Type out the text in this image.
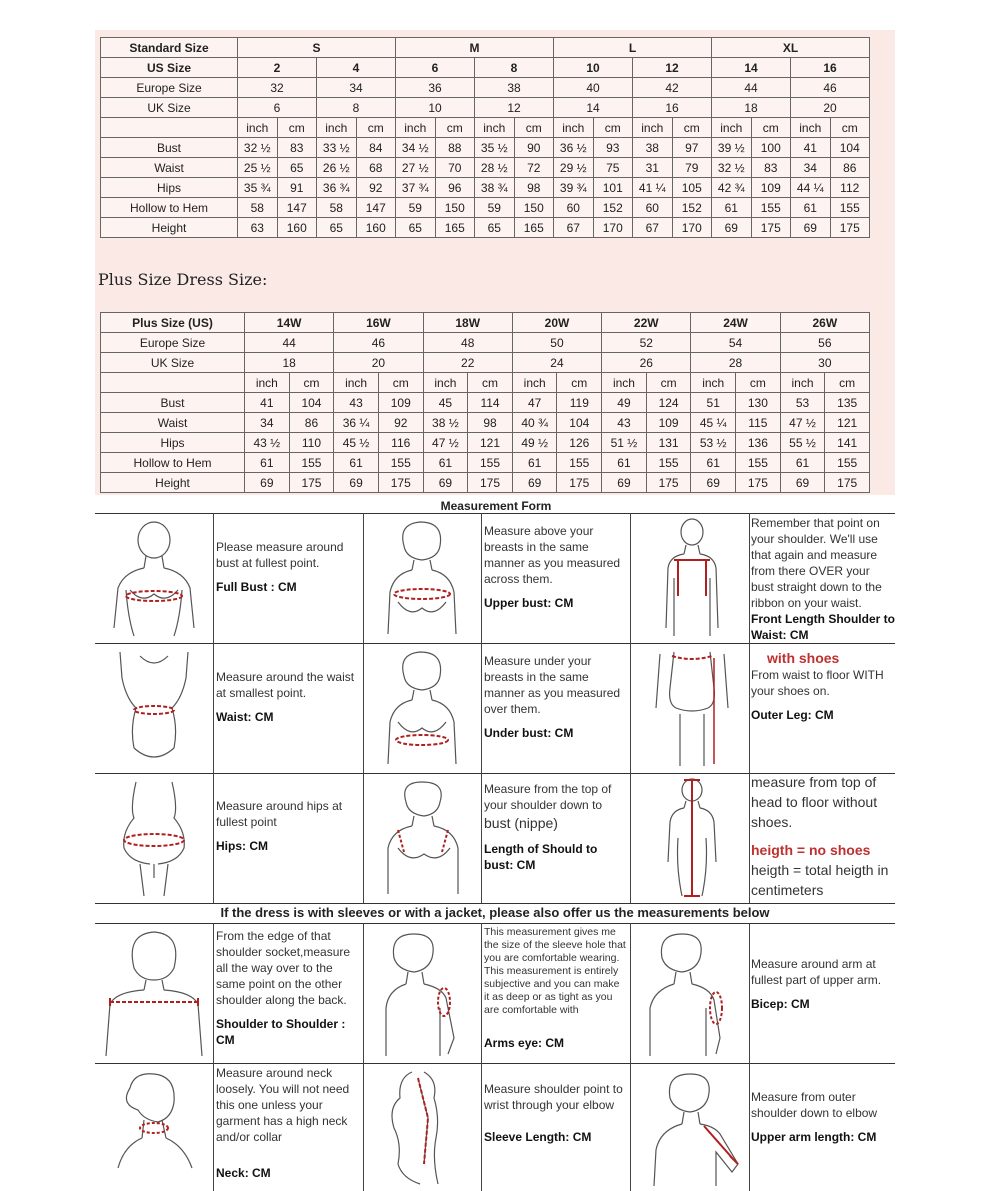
Standard Size	S				M				L				XL			
US Size	2		4		6		8		10		12		14		16	
Europe Size	32		34		36		38		40		42		44		46	
UK Size	6		8		10		12		14		16		18		20	
	inch	cm	inch	cm	inch	cm	inch	cm	inch	cm	inch	cm	inch	cm	inch	cm
Bust	32 ½	83	33 ½	84	34 ½	88	35 ½	90	36 ½	93	38	97	39 ½	100	41	104
Waist	25 ½	65	26 ½	68	27 ½	70	28 ½	72	29 ½	75	31	79	32 ½	83	34	86
Hips	35 ¾	91	36 ¾	92	37 ¾	96	38 ¾	98	39 ¾	101	41 ¼	105	42 ¾	109	44 ¼	112
Hollow to Hem	58	147	58	147	59	150	59	150	60	152	60	152	61	155	61	155
Height	63	160	65	160	65	165	65	165	67	170	67	170	69	175	69	175
Plus Size Dress Size:
Plus Size (US)	14W		16W		18W		20W		22W		24W		26W	
Europe Size	44		46		48		50		52		54		56	
UK Size	18		20		22		24		26		28		30	
	inch	cm	inch	cm	inch	cm	inch	cm	inch	cm	inch	cm	inch	cm
Bust	41	104	43	109	45	114	47	119	49	124	51	130	53	135
Waist	34	86	36 ¼	92	38 ½	98	40 ¾	104	43	109	45 ¼	115	47 ½	121
Hips	43 ½	110	45 ½	116	47 ½	121	49 ½	126	51 ½	131	53 ½	136	55 ½	141
Hollow to Hem	61	155	61	155	61	155	61	155	61	155	61	155	61	155
Height	69	175	69	175	69	175	69	175	69	175	69	175	69	175
Measurement Form
Please measure around bust at fullest point.
Full Bust : CM
Measure above your breasts in the same manner as you measured across them.
Upper bust: CM
Remember that point on your shoulder. We'll use that again and measure from there OVER your bust straight down to the ribbon on your waist.
Front Length Shoulder to Waist: CM
Measure around the waist at smallest point.
Waist: CM
Measure under your breasts in the same manner as you measured over them.
Under bust: CM
with shoes
From waist to floor WITH your shoes on.
Outer Leg: CM
Measure around hips at fullest point
Hips: CM
Measure from the top of your shoulder down to
bust (nippe)
Length of Should to bust: CM
measure from top of head to floor without shoes.
heigth = no shoes
heigth = total heigth in centimeters
If the dress is with sleeves or with a jacket, please also offer us the measurements below
From the edge of that shoulder socket,measure all the way over to the same point on the other shoulder along the back.
Shoulder to Shoulder : CM
This measurement gives me the size of the sleeve hole that you are comfortable wearing. This measurement is entirely subjective and you can make it as deep or as tight as you are comfortable with
Arms eye: CM
Measure around arm at fullest part of upper arm.
Bicep: CM
Measure around neck loosely. You will not need this one unless your garment has a high neck and/or collar
Neck: CM
Measure shoulder point to wrist through your elbow
Sleeve Length: CM
Measure from outer shoulder down to elbow
Upper arm length: CM
